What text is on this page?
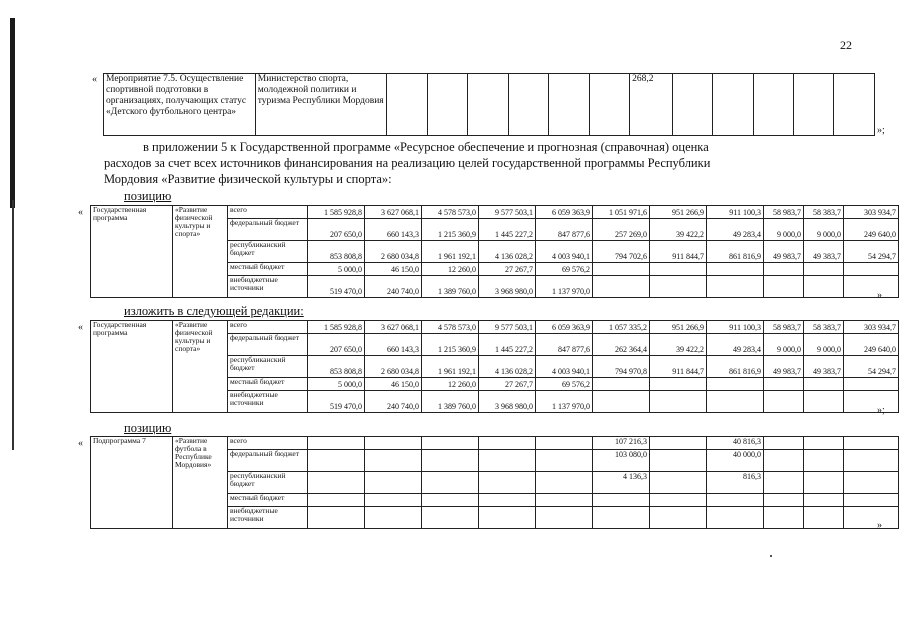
22
« Мероприятие 7.5. Осуществление спортивной подготовки в организациях, получающих статус «Детского футбольного центра»	Министерство спорта, молодежной политики и туризма Республики Мордовия							268,2					
»;
в приложении 5 к Государственной программе «Ресурсное обеспечение и прогнозная (справочная) оценка
расходов за счет всех источников финансирования на реализацию целей государственной программы Республики
Мордовия «Развитие физической культуры и спорта»:
позицию
« Государственная программа	«Развитие физической культуры и спорта»	всего	1 585 928,8	3 627 068,1	4 578 573,0	9 577 503,1	6 059 363,9	1 051 971,6	951 266,9	911 100,3	58 983,7	58 383,7	303 934,7
		федеральный бюджет	207 650,0	660 143,3	1 215 360,9	1 445 227,2	847 877,6	257 269,0	39 422,2	49 283,4	9 000,0	9 000,0	249 640,0
		республиканский бюджет	853 808,8	2 680 034,8	1 961 192,1	4 136 028,2	4 003 940,1	794 702,6	911 844,7	861 816,9	49 983,7	49 383,7	54 294,7
		местный бюджет	5 000,0	46 150,0	12 260,0	27 267,7	69 576,2						
		внебюджетные источники	519 470,0	240 740,0	1 389 760,0	3 968 980,0	1 137 970,0							»
изложить в следующей редакции:
« Государственная программа	«Развитие физической культуры и спорта»	всего	1 585 928,8	3 627 068,1	4 578 573,0	9 577 503,1	6 059 363,9	1 057 335,2	951 266,9	911 100,3	58 983,7	58 383,7	303 934,7
		федеральный бюджет	207 650,0	660 143,3	1 215 360,9	1 445 227,2	847 877,6	262 364,4	39 422,2	49 283,4	9 000,0	9 000,0	249 640,0
		республиканский бюджет	853 808,8	2 680 034,8	1 961 192,1	4 136 028,2	4 003 940,1	794 970,8	911 844,7	861 816,9	49 983,7	49 383,7	54 294,7
		местный бюджет	5 000,0	46 150,0	12 260,0	27 267,7	69 576,2						
		внебюджетные источники	519 470,0	240 740,0	1 389 760,0	3 968 980,0	1 137 970,0							»;
позицию
« Подпрограмма 7	«Развитие футбола в Республике Мордовия»	всего						107 216,3		40 816,3			
		федеральный бюджет						103 080,0		40 000,0			
		республиканский бюджет						4 136,3		816,3			
		местный бюджет											
		внебюджетные источники											
»
